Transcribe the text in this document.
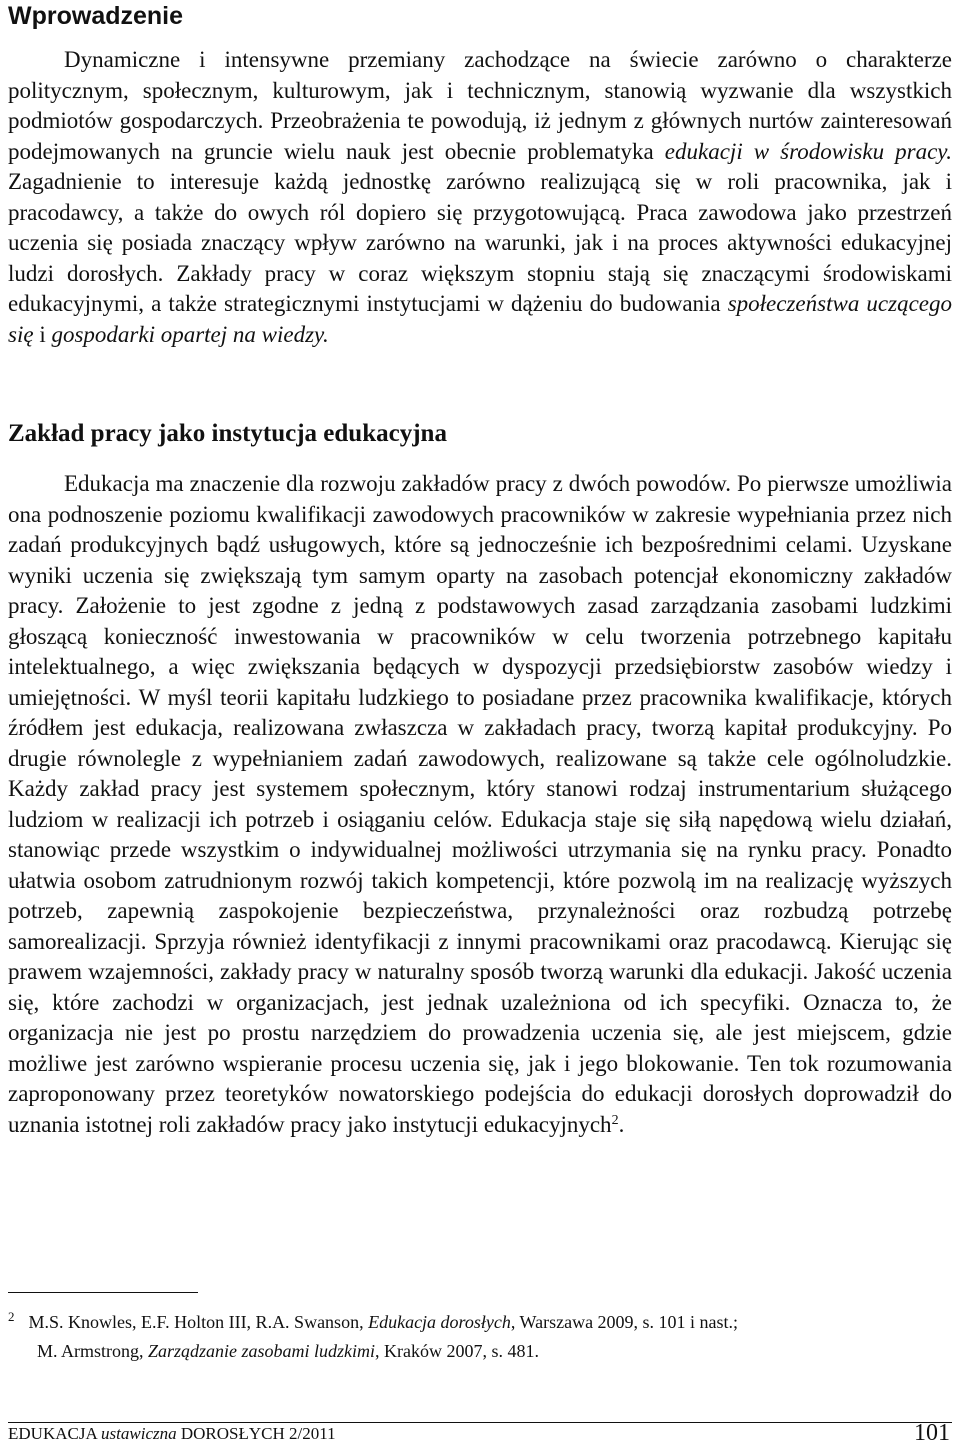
Wprowadzenie

Dynamiczne i intensywne przemiany zachodzące na świecie zarówno o charakterze politycznym, społecznym, kulturowym, jak i technicznym, stanowią wyzwanie dla wszystkich podmiotów gospodarczych. Przeobrażenia te powodują, iż jednym z głównych nurtów zainteresowań podejmowanych na gruncie wielu nauk jest obecnie problematyka edukacji w środowisku pracy. Zagadnienie to interesuje każdą jednostkę zarówno realizującą się w roli pracownika, jak i pracodawcy, a także do owych ról dopiero się przygotowującą. Praca zawodowa jako przestrzeń uczenia się posiada znaczący wpływ zarówno na warunki, jak i na proces aktywności edukacyjnej ludzi dorosłych. Zakłady pracy w coraz większym stopniu stają się znaczącymi środowiskami edukacyjnymi, a także strategicznymi instytucjami w dążeniu do budowania społeczeństwa uczącego się i gospodarki opartej na wiedzy.

Zakład pracy jako instytucja edukacyjna

Edukacja ma znaczenie dla rozwoju zakładów pracy z dwóch powodów. Po pierwsze umożliwia ona podnoszenie poziomu kwalifikacji zawodowych pracowników w zakresie wypełniania przez nich zadań produkcyjnych bądź usługowych, które są jednocześnie ich bezpośrednimi celami. Uzyskane wyniki uczenia się zwiększają tym samym oparty na zasobach potencjał ekonomiczny zakładów pracy. Założenie to jest zgodne z jedną z podstawowych zasad zarządzania zasobami ludzkimi głoszącą konieczność inwestowania w pracowników w celu tworzenia potrzebnego kapitału intelektualnego, a więc zwiększania będących w dyspozycji przedsiębiorstw zasobów wiedzy i umiejętności. W myśl teorii kapitału ludzkiego to posiadane przez pracownika kwalifikacje, których źródłem jest edukacja, realizowana zwłaszcza w zakładach pracy, tworzą kapitał produkcyjny. Po drugie równolegle z wypełnianiem zadań zawodowych, realizowane są także cele ogólnoludzkie. Każdy zakład pracy jest systemem społecznym, który stanowi rodzaj instrumentarium służącego ludziom w realizacji ich potrzeb i osiąganiu celów. Edukacja staje się siłą napędową wielu działań, stanowiąc przede wszystkim o indywidualnej możliwości utrzymania się na rynku pracy. Ponadto ułatwia osobom zatrudnionym rozwój takich kompetencji, które pozwolą im na realizację wyższych potrzeb, zapewnią zaspokojenie bezpieczeństwa, przynależności oraz rozbudzą potrzebę samorealizacji. Sprzyja również identyfikacji z innymi pracownikami oraz pracodawcą. Kierując się prawem wzajemności, zakłady pracy w naturalny sposób tworzą warunki dla edukacji. Jakość uczenia się, które zachodzi w organizacjach, jest jednak uzależniona od ich specyfiki. Oznacza to, że organizacja nie jest po prostu narzędziem do prowadzenia uczenia się, ale jest miejscem, gdzie możliwe jest zarówno wspieranie procesu uczenia się, jak i jego blokowanie. Ten tok rozumowania zaproponowany przez teoretyków nowatorskiego podejścia do edukacji dorosłych doprowadził do uznania istotnej roli zakładów pracy jako instytucji edukacyjnych$^2$.

$^2$ M.S. Knowles, E.F. Holton III, R.A. Swanson, Edukacja dorosłych, Warszawa 2009, s. 101 i nast.;
M. Armstrong, Zarządzanie zasobami ludzkimi, Kraków 2007, s. 481.

EDUKACJA ustawiczna DOROSŁYCH 2/2011	101
